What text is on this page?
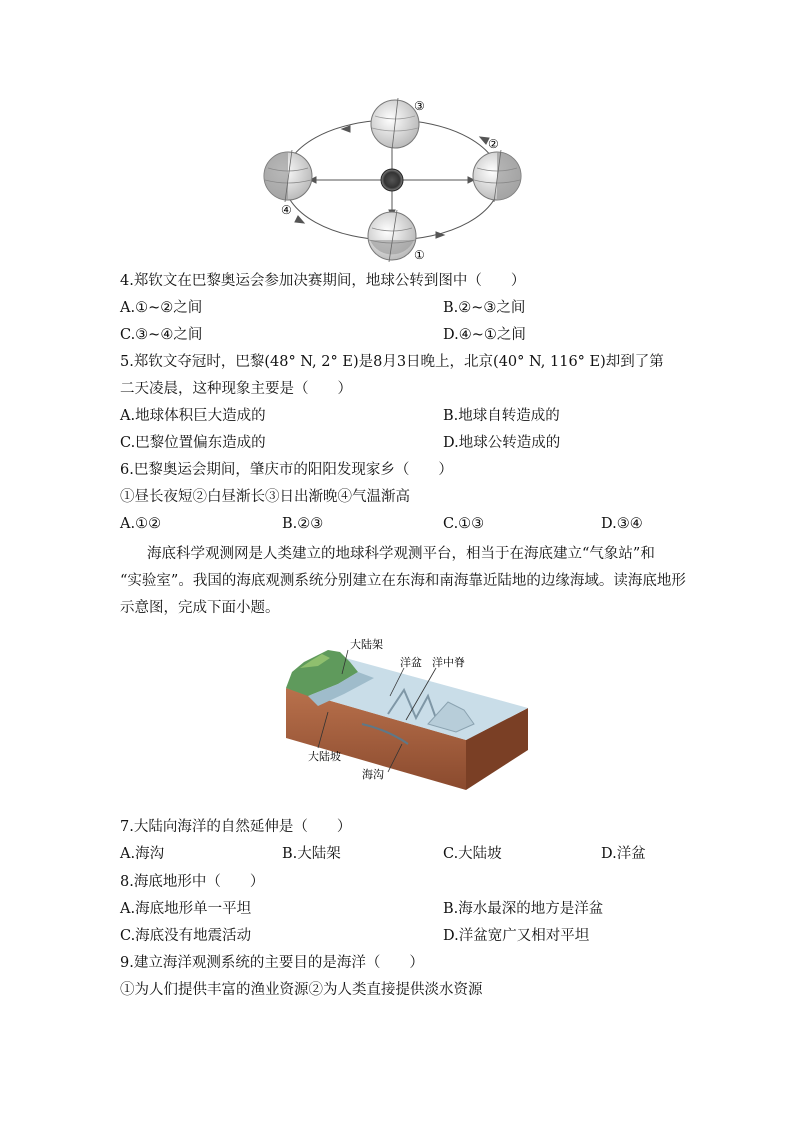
③
②
④
①
4.郑钦文在巴黎奥运会参加决赛期间，地球公转到图中（　　）
A.①~②之间	B.②~③之间
C.③~④之间	D.④~①之间
5.郑钦文夺冠时，巴黎(48° N, 2° E)是8月3日晚上，北京(40° N, 116° E)却到了第
二天凌晨，这种现象主要是（　　）
A.地球体积巨大造成的	B.地球自转造成的
C.巴黎位置偏东造成的	D.地球公转造成的
6.巴黎奥运会期间，肇庆市的阳阳发现家乡（　　）
①昼长夜短②白昼渐长③日出渐晚④气温渐高
A.①②	B.②③	C.①③	D.③④
海底科学观测网是人类建立的地球科学观测平台，相当于在海底建立“气象站”和
“实验室”。我国的海底观测系统分别建立在东海和南海靠近陆地的边缘海域。读海底地形
示意图，完成下面小题。
大陆架
洋盆 洋中脊
大陆坡
海沟
7.大陆向海洋的自然延伸是（　　）
A.海沟	B.大陆架	C.大陆坡	D.洋盆
8.海底地形中（　　）
A.海底地形单一平坦	B.海水最深的地方是洋盆
C.海底没有地震活动	D.洋盆宽广又相对平坦
9.建立海洋观测系统的主要目的是海洋（　　）
①为人们提供丰富的渔业资源②为人类直接提供淡水资源
